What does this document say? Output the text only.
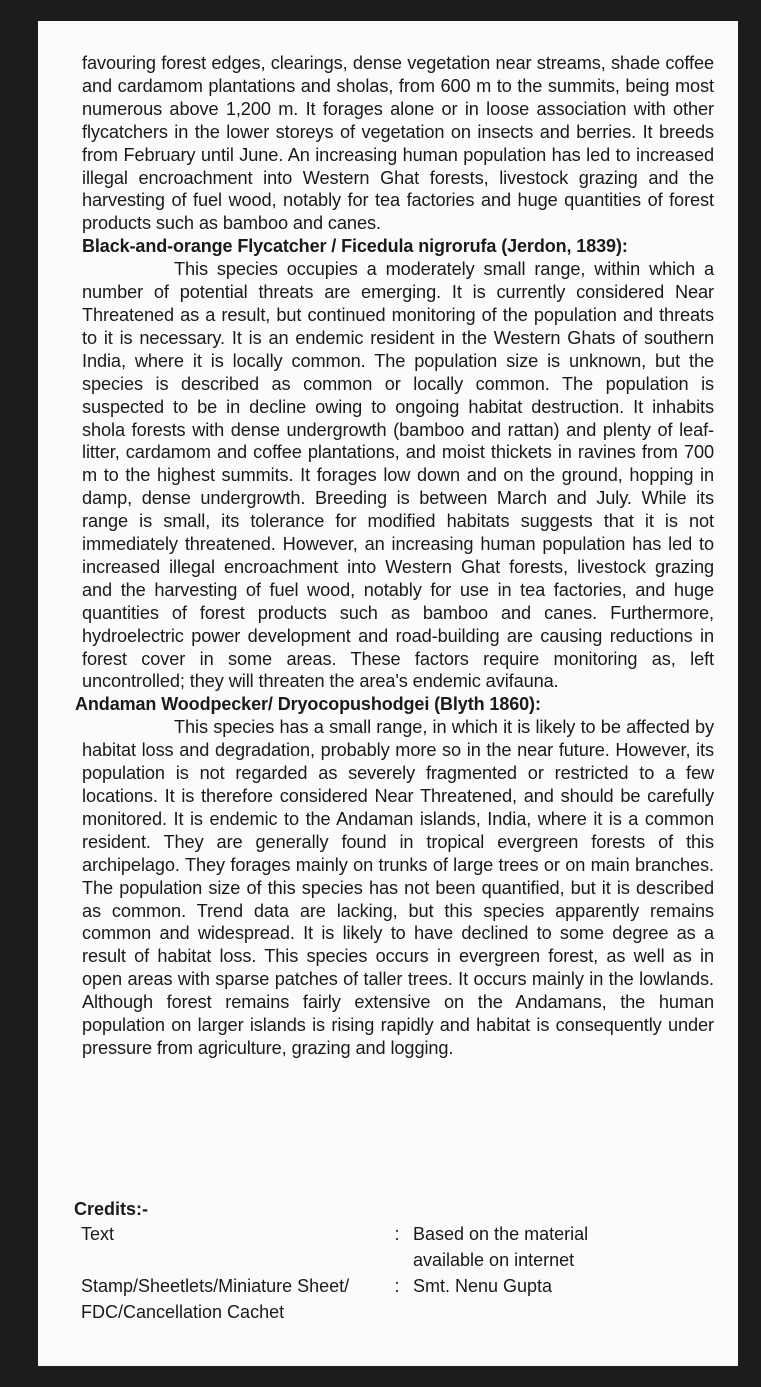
favouring forest edges, clearings, dense vegetation near streams, shade coffee and cardamom plantations and sholas, from 600 m to the summits, being most numerous above 1,200 m. It forages alone or in loose association with other flycatchers in the lower storeys of vegetation on insects and berries. It breeds from February until June. An increasing human population has led to increased illegal encroachment into Western Ghat forests, livestock grazing and the harvesting of fuel wood, notably for tea factories and huge quantities of forest products such as bamboo and canes.

Black-and-orange Flycatcher / Ficedula nigrorufa (Jerdon, 1839):

This species occupies a moderately small range, within which a number of potential threats are emerging. It is currently considered Near Threatened as a result, but continued monitoring of the population and threats to it is necessary. It is an endemic resident in the Western Ghats of southern India, where it is locally common. The population size is unknown, but the species is described as common or locally common. The population is suspected to be in decline owing to ongoing habitat destruction. It inhabits shola forests with dense undergrowth (bamboo and rattan) and plenty of leaf-litter, cardamom and coffee plantations, and moist thickets in ravines from 700 m to the highest summits. It forages low down and on the ground, hopping in damp, dense undergrowth. Breeding is between March and July. While its range is small, its tolerance for modified habitats suggests that it is not immediately threatened. However, an increasing human population has led to increased illegal encroachment into Western Ghat forests, livestock grazing and the harvesting of fuel wood, notably for use in tea factories, and huge quantities of forest products such as bamboo and canes. Furthermore, hydroelectric power development and road-building are causing reductions in forest cover in some areas. These factors require monitoring as, left uncontrolled; they will threaten the area's endemic avifauna.

Andaman Woodpecker/ Dryocopushodgei (Blyth 1860):

This species has a small range, in which it is likely to be affected by habitat loss and degradation, probably more so in the near future. However, its population is not regarded as severely fragmented or restricted to a few locations. It is therefore considered Near Threatened, and should be carefully monitored. It is endemic to the Andaman islands, India, where it is a common resident. They are generally found in tropical evergreen forests of this archipelago. They forages mainly on trunks of large trees or on main branches. The population size of this species has not been quantified, but it is described as common. Trend data are lacking, but this species apparently remains common and widespread. It is likely to have declined to some degree as a result of habitat loss. This species occurs in evergreen forest, as well as in open areas with sparse patches of taller trees. It occurs mainly in the lowlands. Although forest remains fairly extensive on the Andamans, the human population on larger islands is rising rapidly and habitat is consequently under pressure from agriculture, grazing and logging.

Credits:-
Text	: Based on the material
available on internet
Stamp/Sheetlets/Miniature Sheet/
FDC/Cancellation Cachet
: Smt. Nenu Gupta
